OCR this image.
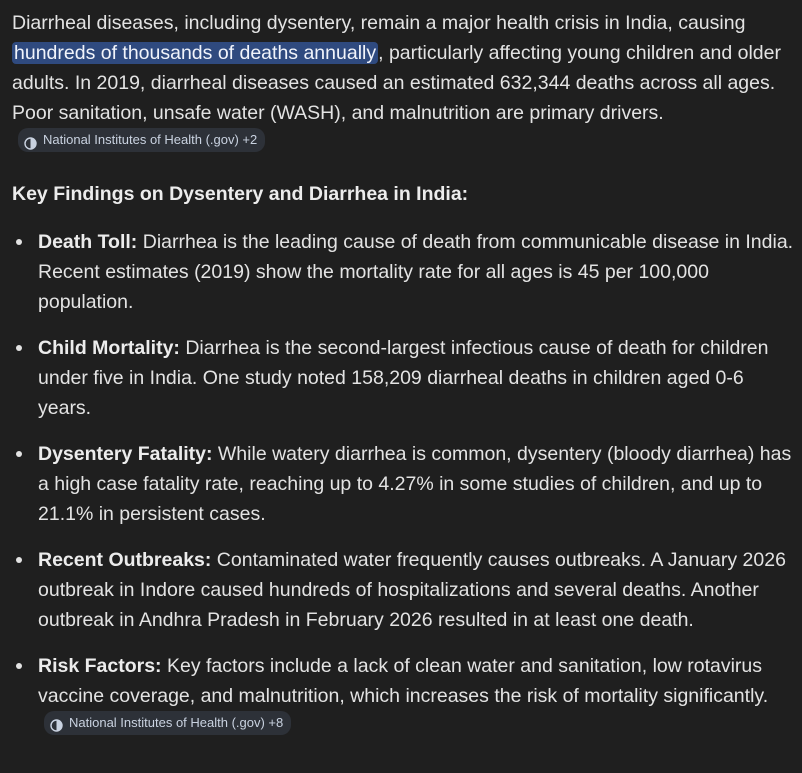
Diarrheal diseases, including dysentery, remain a major health crisis in India, causing hundreds of thousands of deaths annually , particularly affecting young children and older adults. In 2019, diarrheal diseases caused an estimated 632,344 deaths across all ages. Poor sanitation, unsafe water (WASH), and malnutrition are primary drivers.
National Institutes of Health (.gov) +2

Key Findings on Dysentery and Diarrhea in India:

Death Toll: Diarrhea is the leading cause of death from communicable disease in India. Recent estimates (2019) show the mortality rate for all ages is 45 per 100,000 population.
Child Mortality: Diarrhea is the second-largest infectious cause of death for children under five in India. One study noted 158,209 diarrheal deaths in children aged 0-6 years.
Dysentery Fatality: While watery diarrhea is common, dysentery (bloody diarrhea) has a high case fatality rate, reaching up to 4.27% in some studies of children, and up to 21.1% in persistent cases.
Recent Outbreaks: Contaminated water frequently causes outbreaks. A January 2026 outbreak in Indore caused hundreds of hospitalizations and several deaths. Another outbreak in Andhra Pradesh in February 2026 resulted in at least one death.
Risk Factors: Key factors include a lack of clean water and sanitation, low rotavirus vaccine coverage, and malnutrition, which increases the risk of mortality significantly.
National Institutes of Health (.gov) +8
